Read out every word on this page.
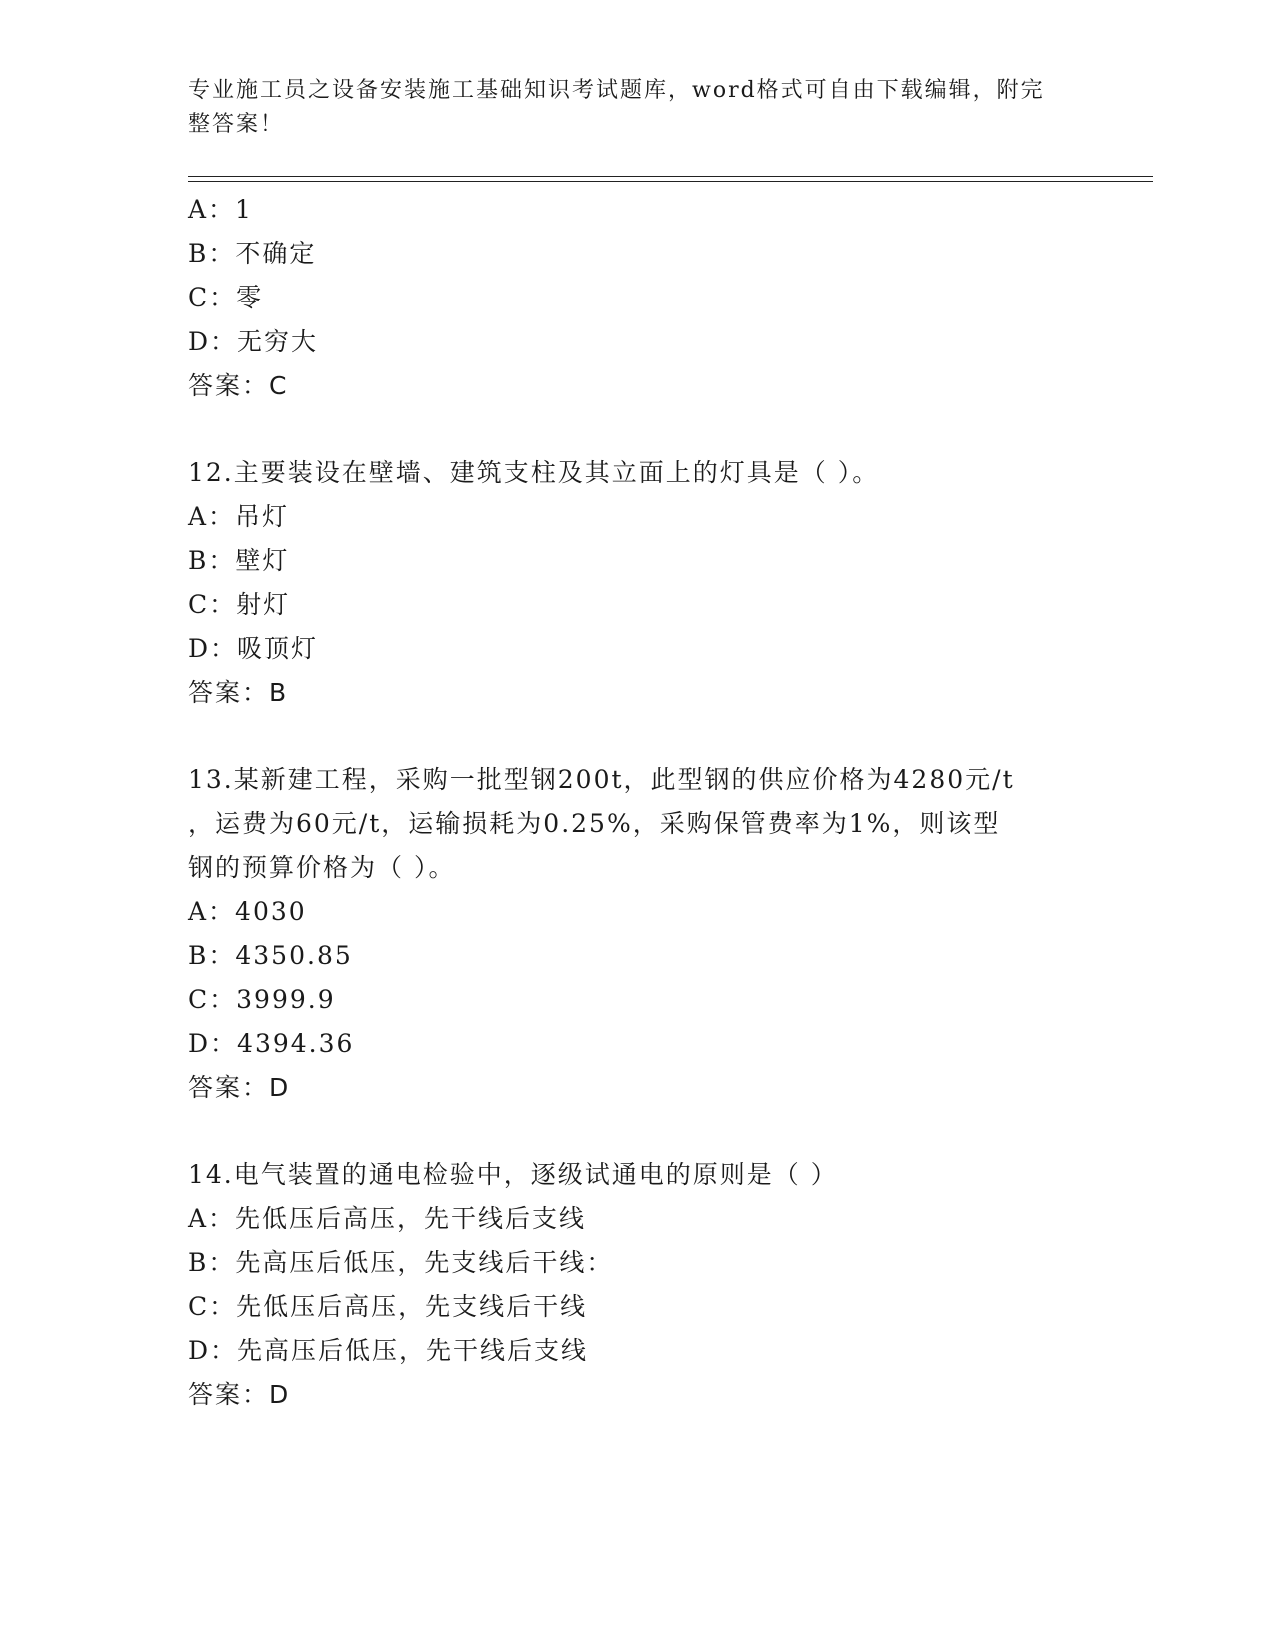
专业施工员之设备安装施工基础知识考试题库，word格式可自由下载编辑，附完
整答案！
A：1
B：不确定
C：零
D：无穷大
答案：C
12.主要装设在壁墙、建筑支柱及其立面上的灯具是（ ）。
A：吊灯
B：壁灯
C：射灯
D：吸顶灯
答案：B
13.某新建工程，采购一批型钢200t，此型钢的供应价格为4280元/t
，运费为60元/t，运输损耗为0.25%，采购保管费率为1%，则该型
钢的预算价格为（ ）。
A：4030
B：4350.85
C：3999.9
D：4394.36
答案：D
14.电气装置的通电检验中，逐级试通电的原则是（ ）
A：先低压后高压，先干线后支线
B：先高压后低压，先支线后干线：
C：先低压后高压，先支线后干线
D：先高压后低压，先干线后支线
答案：D
